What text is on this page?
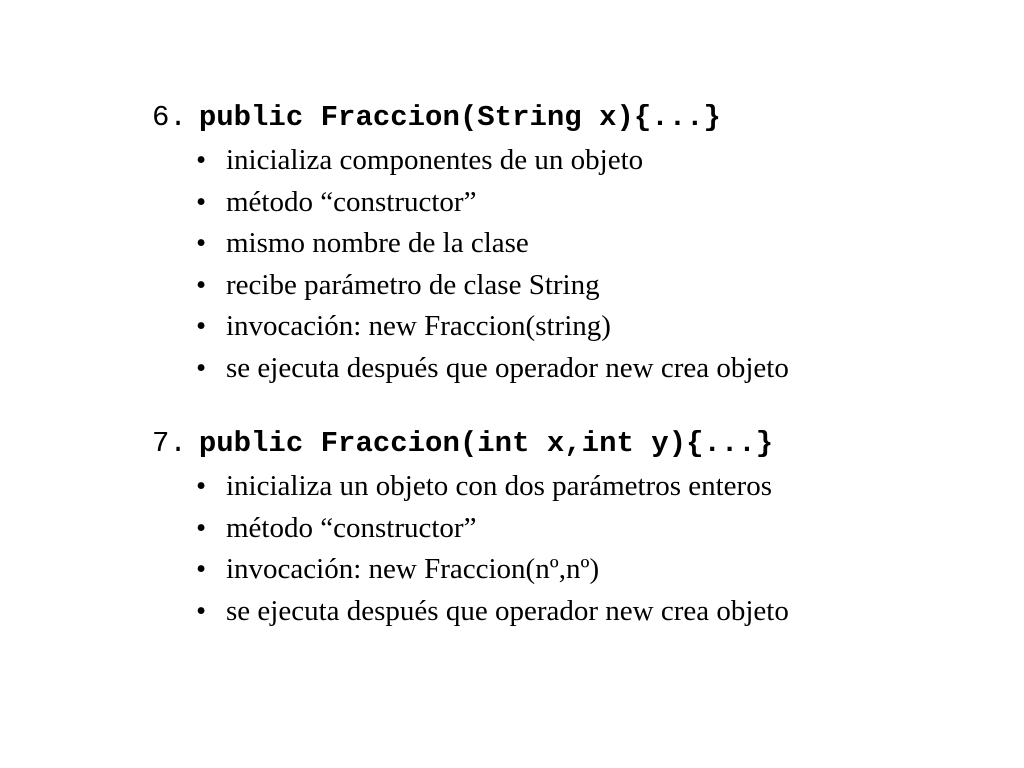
6. public Fraccion(String x){...}
• inicializa componentes de un objeto
• método “constructor”
• mismo nombre de la clase
• recibe parámetro de clase String
• invocación: new Fraccion(string)
• se ejecuta después que operador new crea objeto
7. public Fraccion(int x,int y){...}
• inicializa un objeto con dos parámetros enteros
• método “constructor”
• invocación: new Fraccion(nº,nº)
• se ejecuta después que operador new crea objeto
